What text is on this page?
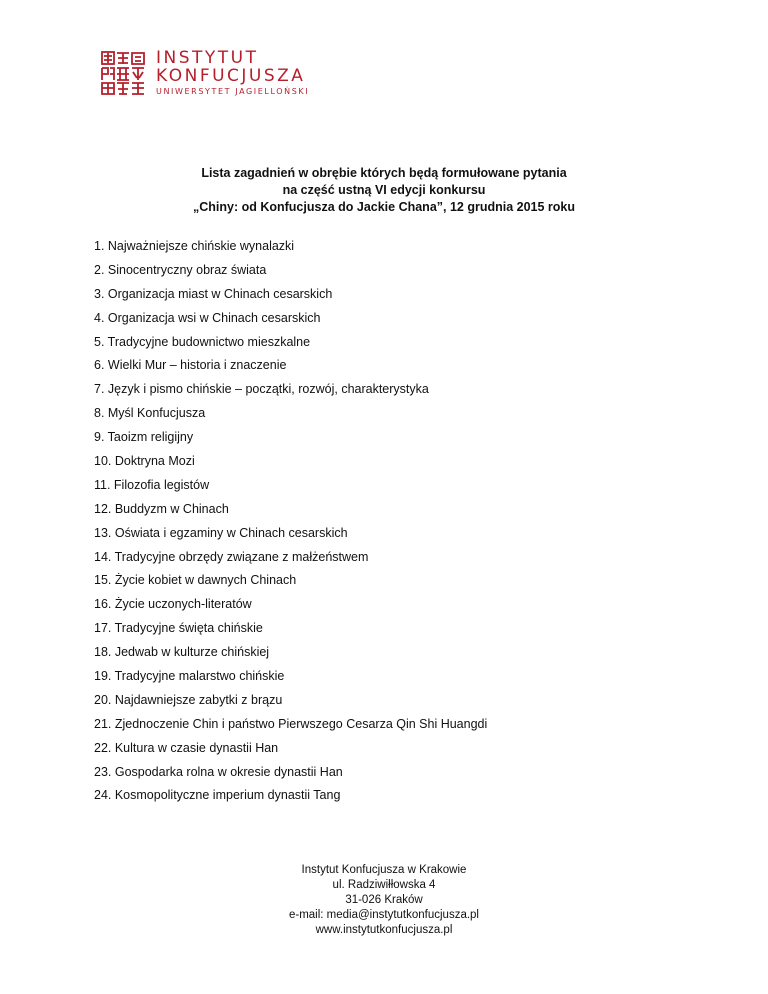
INSTYTUT
KONFUCJUSZA
UNIWERSYTET JAGIELLOŃSKI
Lista zagadnień w obrębie których będą formułowane pytania
na część ustną VI edycji konkursu
„Chiny: od Konfucjusza do Jackie Chana”, 12 grudnia 2015 roku
1. Najważniejsze chińskie wynalazki
2. Sinocentryczny obraz świata
3. Organizacja miast w Chinach cesarskich
4. Organizacja wsi w Chinach cesarskich
5. Tradycyjne budownictwo mieszkalne
6. Wielki Mur – historia i znaczenie
7. Język i pismo chińskie – początki, rozwój, charakterystyka
8. Myśl Konfucjusza
9. Taoizm religijny
10. Doktryna Mozi
11. Filozofia legistów
12. Buddyzm w Chinach
13. Oświata i egzaminy w Chinach cesarskich
14. Tradycyjne obrzędy związane z małżeństwem
15. Życie kobiet w dawnych Chinach
16. Życie uczonych-literatów
17. Tradycyjne święta chińskie
18. Jedwab w kulturze chińskiej
19. Tradycyjne malarstwo chińskie
20. Najdawniejsze zabytki z brązu
21. Zjednoczenie Chin i państwo Pierwszego Cesarza Qin Shi Huangdi
22. Kultura w czasie dynastii Han
23. Gospodarka rolna w okresie dynastii Han
24. Kosmopolityczne imperium dynastii Tang
Instytut Konfucjusza w Krakowie
ul. Radziwiłłowska 4
31-026 Kraków
e-mail: media@instytutkonfucjusza.pl
www.instytutkonfucjusza.pl
